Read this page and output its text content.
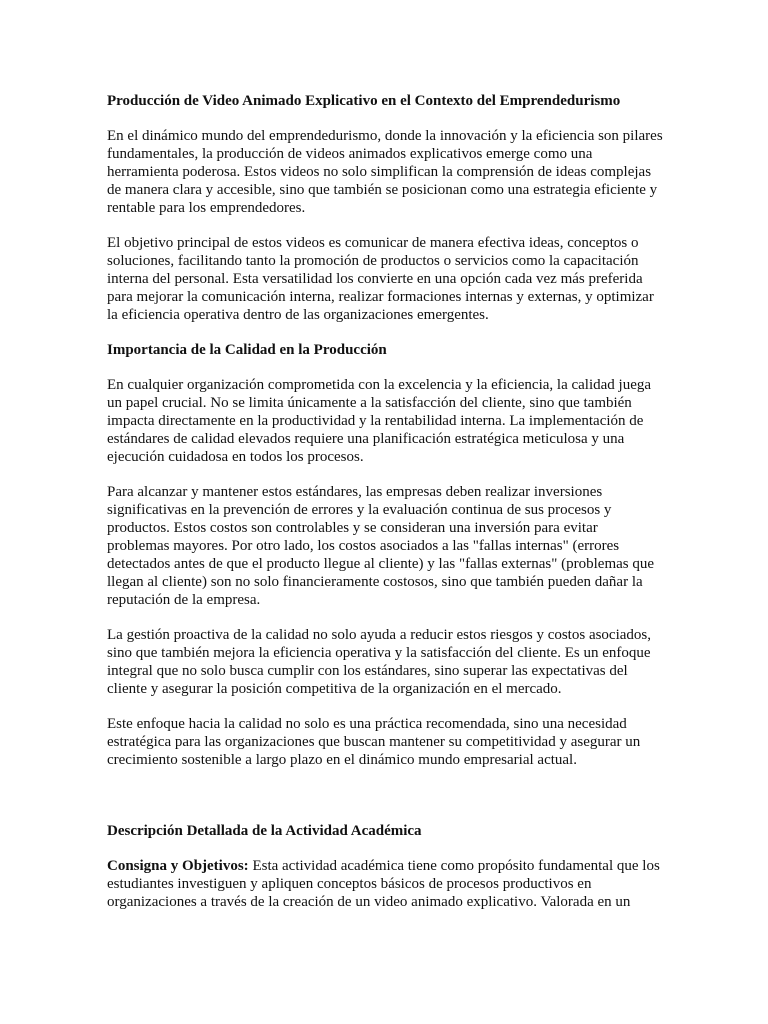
Producción de Video Animado Explicativo en el Contexto del Emprendedurismo

En el dinámico mundo del emprendedurismo, donde la innovación y la eficiencia son pilares fundamentales, la producción de videos animados explicativos emerge como una herramienta poderosa. Estos videos no solo simplifican la comprensión de ideas complejas de manera clara y accesible, sino que también se posicionan como una estrategia eficiente y rentable para los emprendedores.

El objetivo principal de estos videos es comunicar de manera efectiva ideas, conceptos o soluciones, facilitando tanto la promoción de productos o servicios como la capacitación interna del personal. Esta versatilidad los convierte en una opción cada vez más preferida para mejorar la comunicación interna, realizar formaciones internas y externas, y optimizar la eficiencia operativa dentro de las organizaciones emergentes.

Importancia de la Calidad en la Producción

En cualquier organización comprometida con la excelencia y la eficiencia, la calidad juega un papel crucial. No se limita únicamente a la satisfacción del cliente, sino que también impacta directamente en la productividad y la rentabilidad interna. La implementación de estándares de calidad elevados requiere una planificación estratégica meticulosa y una ejecución cuidadosa en todos los procesos.

Para alcanzar y mantener estos estándares, las empresas deben realizar inversiones significativas en la prevención de errores y la evaluación continua de sus procesos y productos. Estos costos son controlables y se consideran una inversión para evitar problemas mayores. Por otro lado, los costos asociados a las "fallas internas" (errores detectados antes de que el producto llegue al cliente) y las "fallas externas" (problemas que llegan al cliente) son no solo financieramente costosos, sino que también pueden dañar la reputación de la empresa.

La gestión proactiva de la calidad no solo ayuda a reducir estos riesgos y costos asociados, sino que también mejora la eficiencia operativa y la satisfacción del cliente. Es un enfoque integral que no solo busca cumplir con los estándares, sino superar las expectativas del cliente y asegurar la posición competitiva de la organización en el mercado.

Este enfoque hacia la calidad no solo es una práctica recomendada, sino una necesidad estratégica para las organizaciones que buscan mantener su competitividad y asegurar un crecimiento sostenible a largo plazo en el dinámico mundo empresarial actual.

Descripción Detallada de la Actividad Académica

Consigna y Objetivos: Esta actividad académica tiene como propósito fundamental que los estudiantes investiguen y apliquen conceptos básicos de procesos productivos en organizaciones a través de la creación de un video animado explicativo. Valorada en un
